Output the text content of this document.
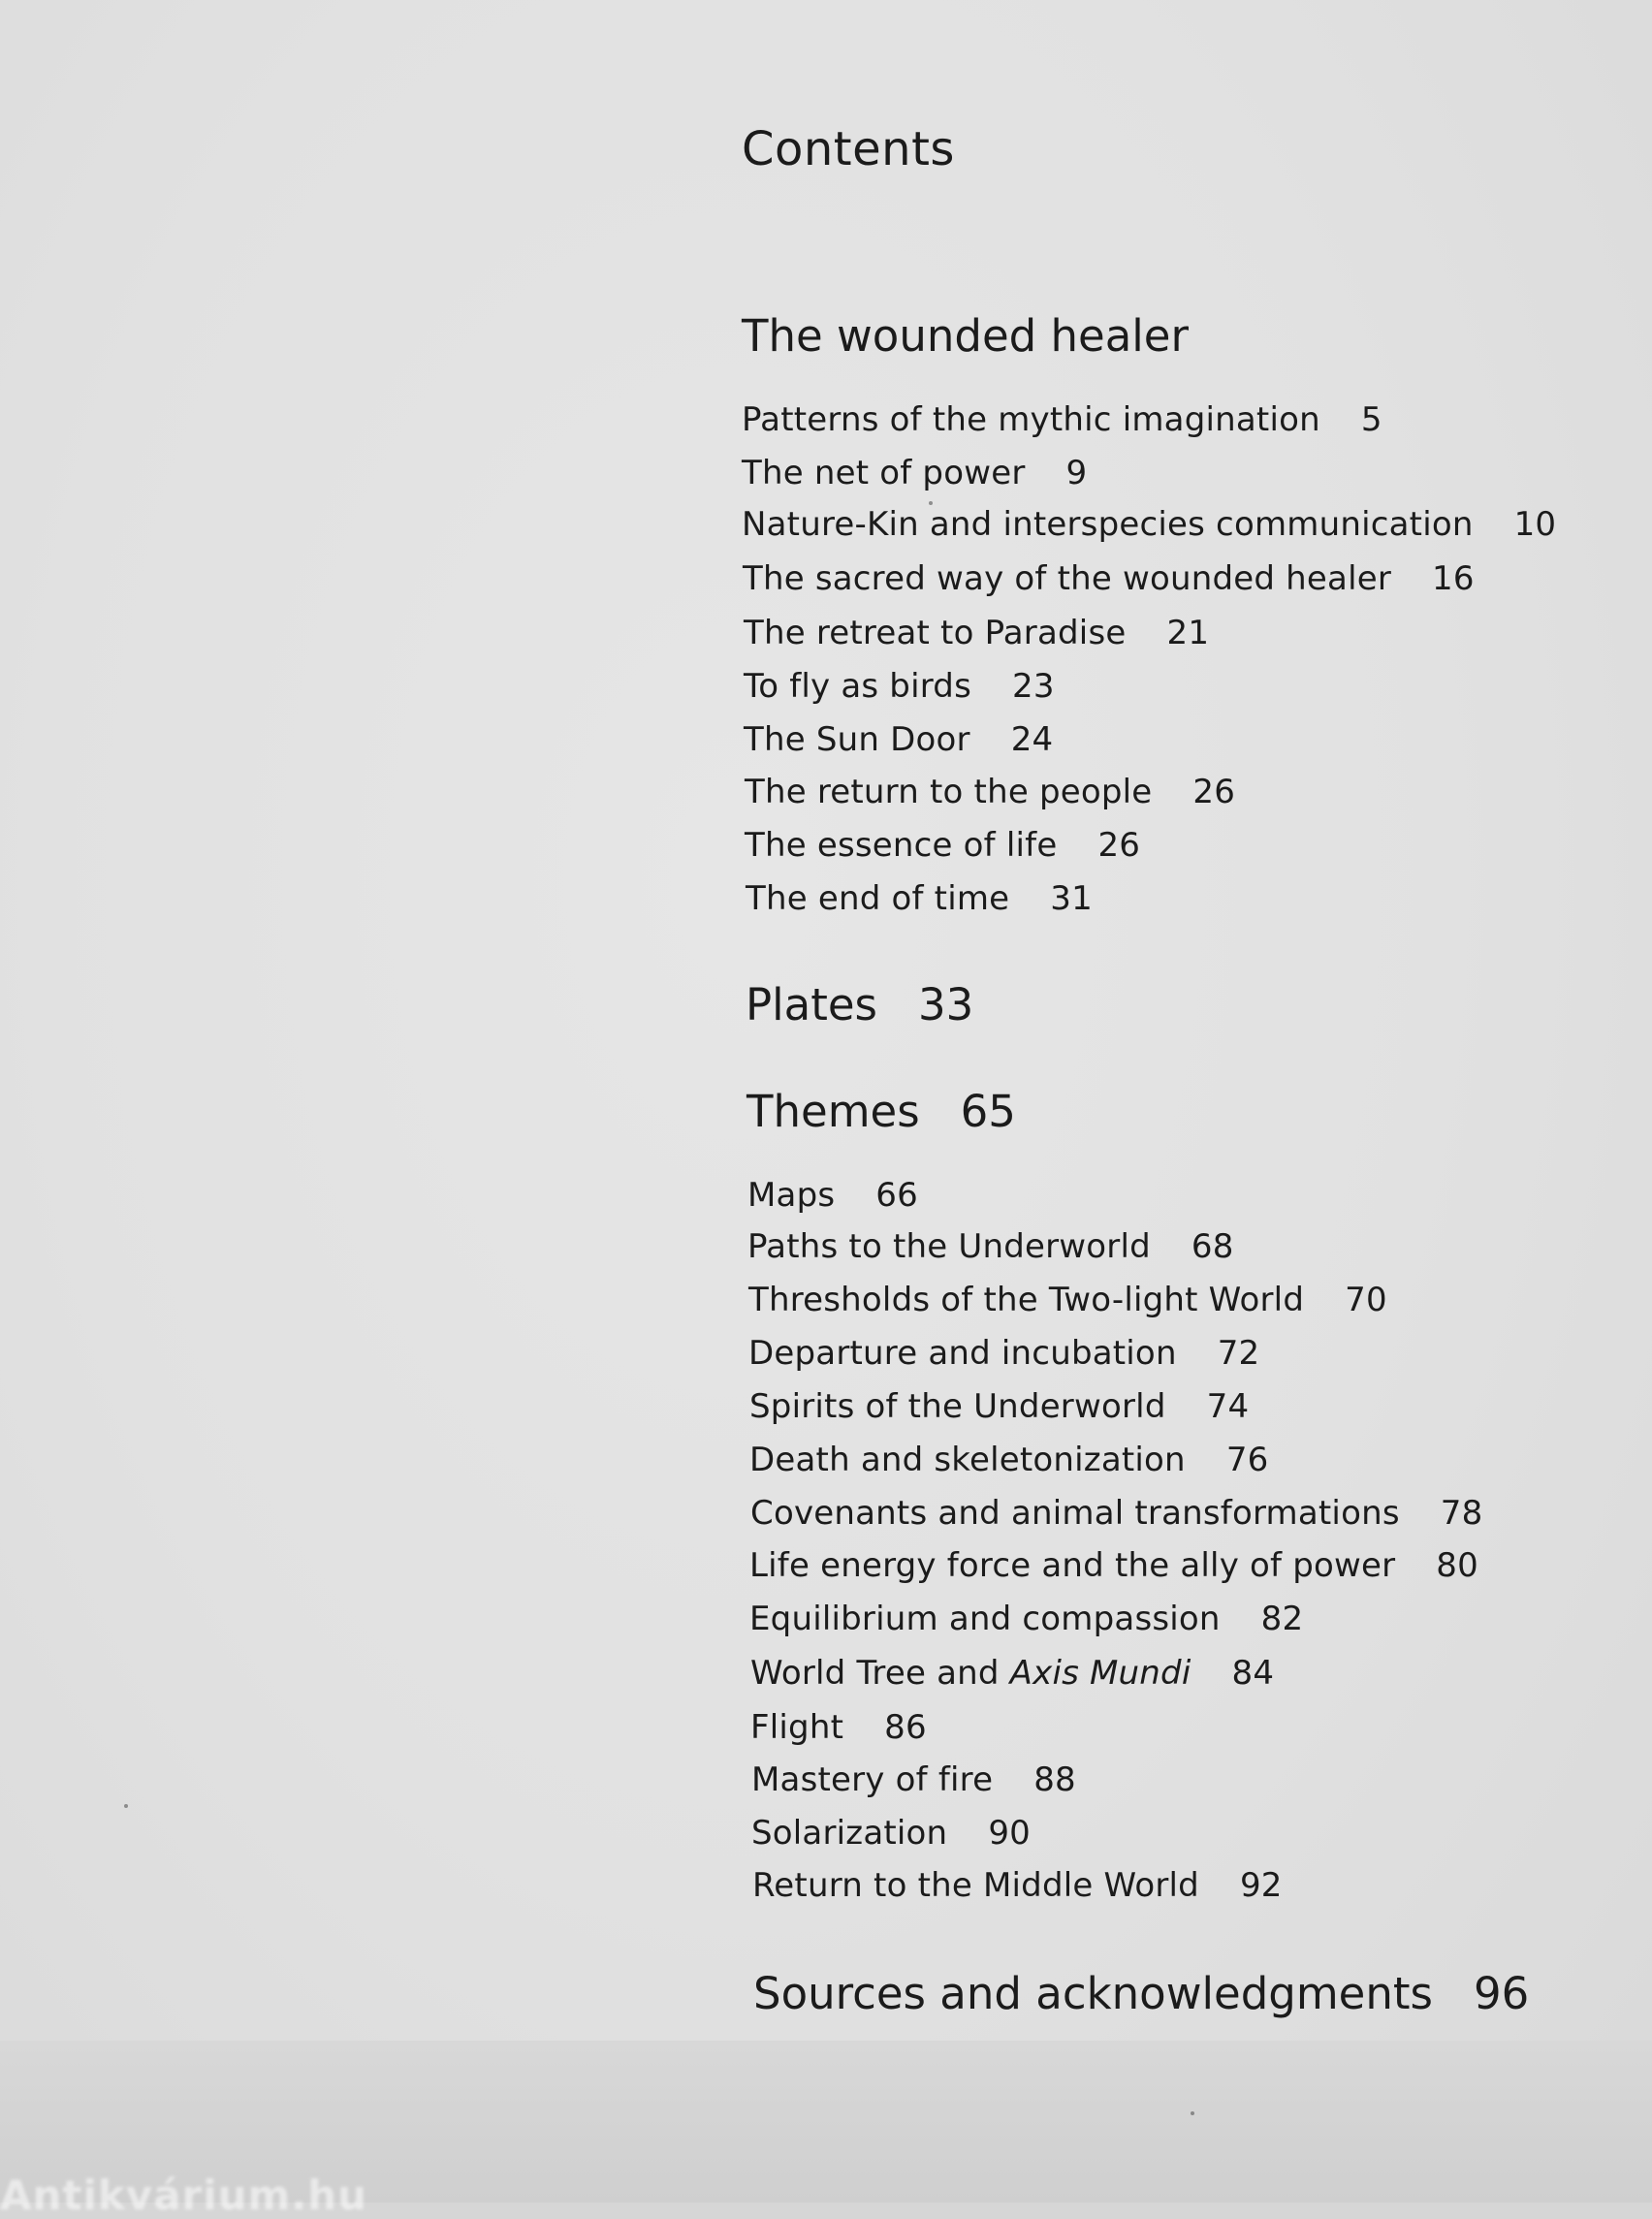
Contents
The wounded healer
Patterns of the mythic imagination 5
The net of power 9
Nature-Kin and interspecies communication 10
The sacred way of the wounded healer 16
The retreat to Paradise 21
To fly as birds 23
The Sun Door 24
The return to the people 26
The essence of life 26
The end of time 31
Plates 33
Themes 65
Maps 66
Paths to the Underworld 68
Thresholds of the Two-light World 70
Departure and incubation 72
Spirits of the Underworld 74
Death and skeletonization 76
Covenants and animal transformations 78
Life energy force and the ally of power 80
Equilibrium and compassion 82
World Tree and Axis Mundi 84
Flight 86
Mastery of fire 88
Solarization 90
Return to the Middle World 92
Sources and acknowledgments 96
Antikvárium.hu
